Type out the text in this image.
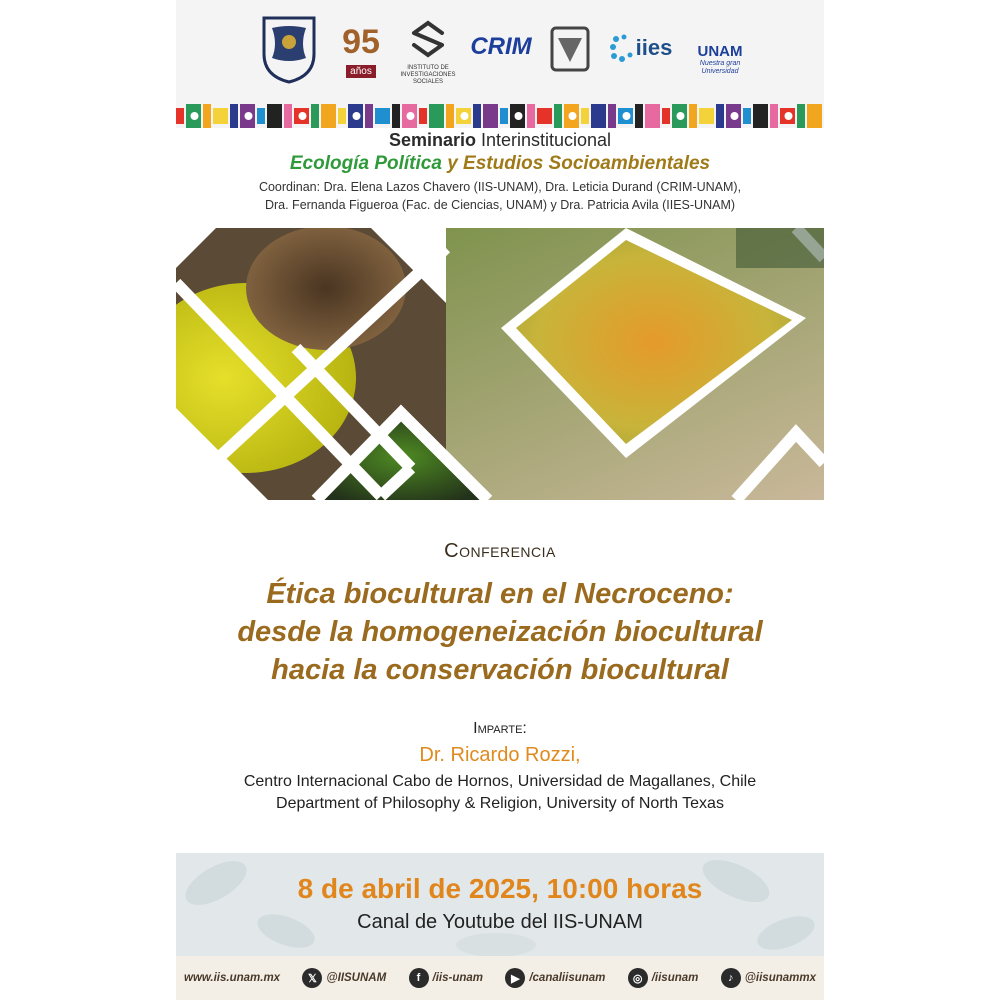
95
años	INSTITUTO DE INVESTIGACIONES SOCIALES
CRIM	iies	UNAM
Nuestra gran Universidad
Seminario Interinstitucional
Ecología Política y Estudios Socioambientales
Coordinan: Dra. Elena Lazos Chavero (IIS-UNAM), Dra. Leticia Durand (CRIM-UNAM),
Dra. Fernanda Figueroa (Fac. de Ciencias, UNAM) y Dra. Patricia Avila (IIES-UNAM)
Conferencia
Ética biocultural en el Necroceno:
desde la homogeneización biocultural
hacia la conservación biocultural
Imparte:
Dr. Ricardo Rozzi,
Centro Internacional Cabo de Hornos, Universidad de Magallanes, Chile
Department of Philosophy & Religion, University of North Texas
8 de abril de 2025, 10:00 horas
Canal de Youtube del IIS-UNAM
www.iis.unam.mx	𝕏 @IISUNAM	f	/iis-unam	▶ /canaliisunam	◎ /iisunam	♪ @iisunammx
